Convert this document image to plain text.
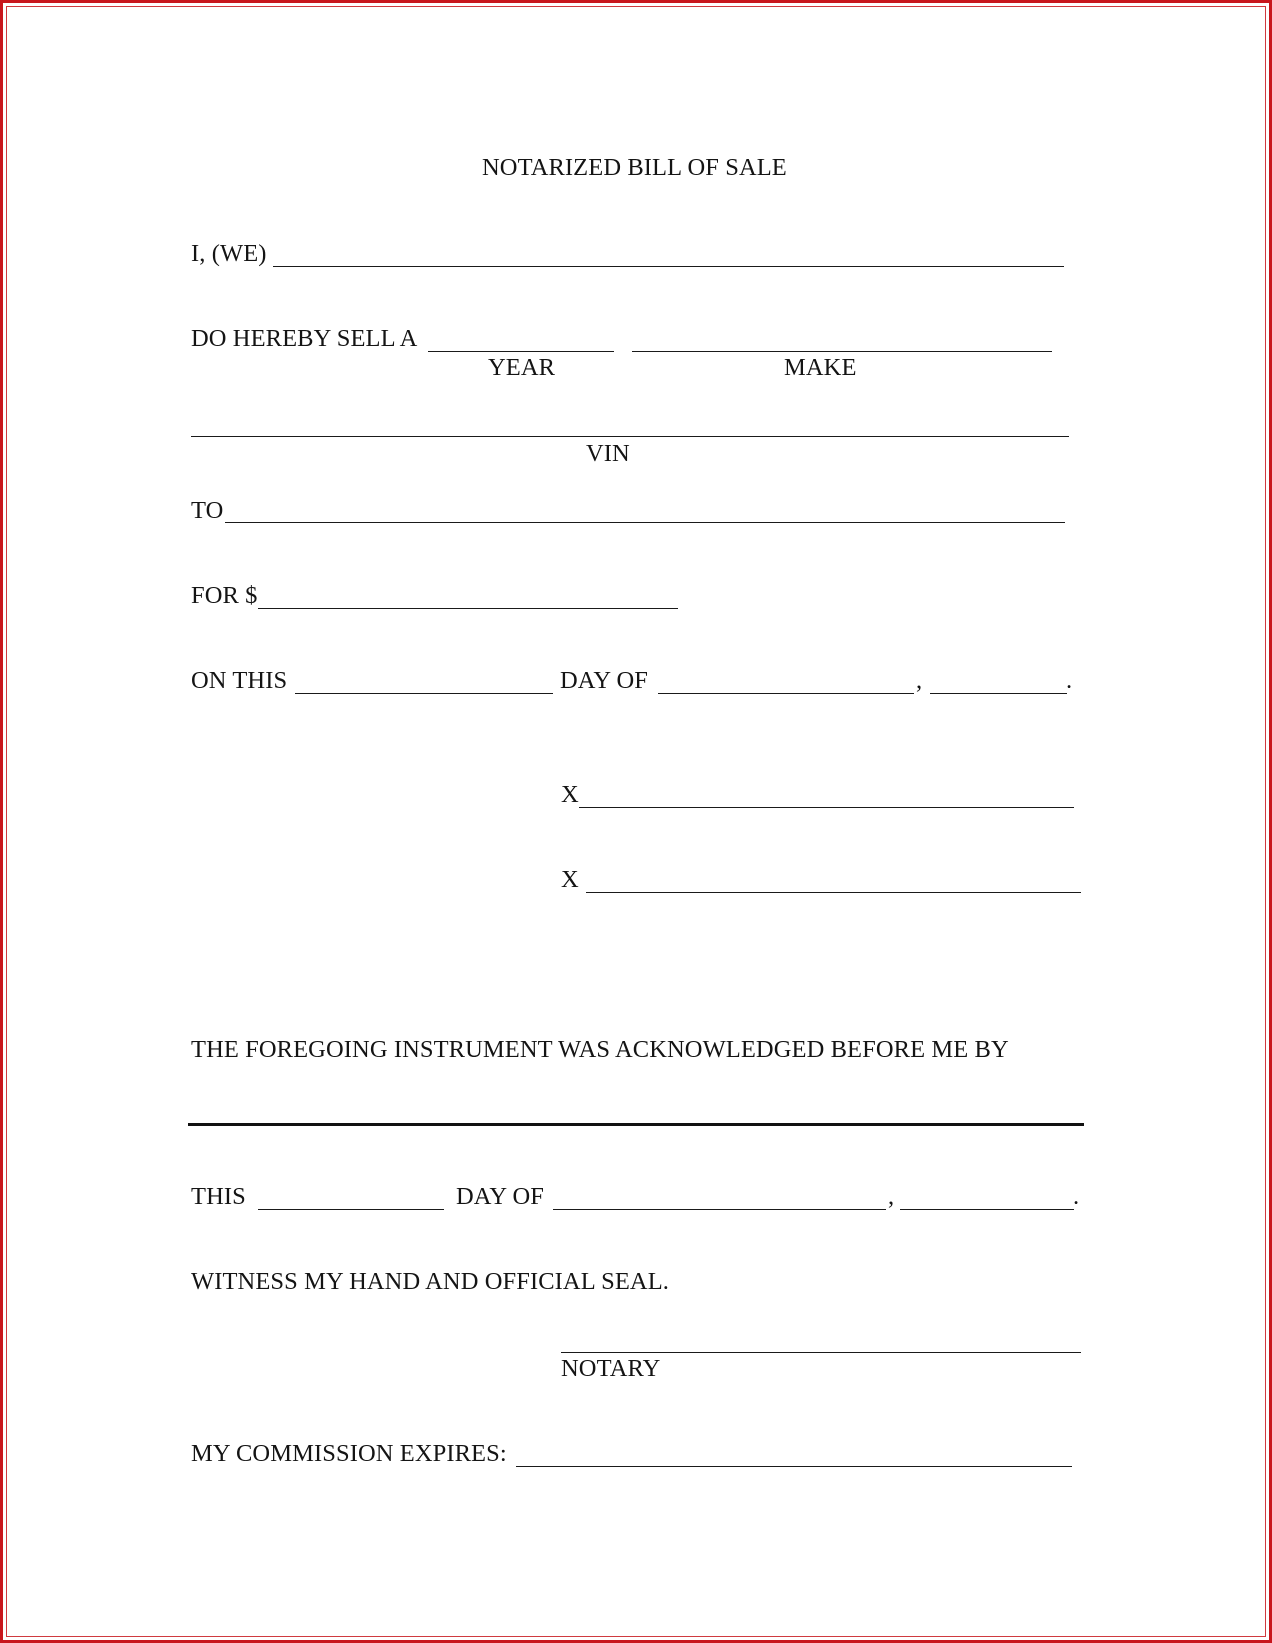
NOTARIZED BILL OF SALE
I, (WE)
DO HEREBY SELL A
YEAR	MAKE
VIN
TO
FOR $
ON THIS	DAY OF	,	.
X
X
THE FOREGOING INSTRUMENT WAS ACKNOWLEDGED BEFORE ME BY
THIS	DAY OF	,	.
WITNESS MY HAND AND OFFICIAL SEAL.
NOTARY
MY COMMISSION EXPIRES:
